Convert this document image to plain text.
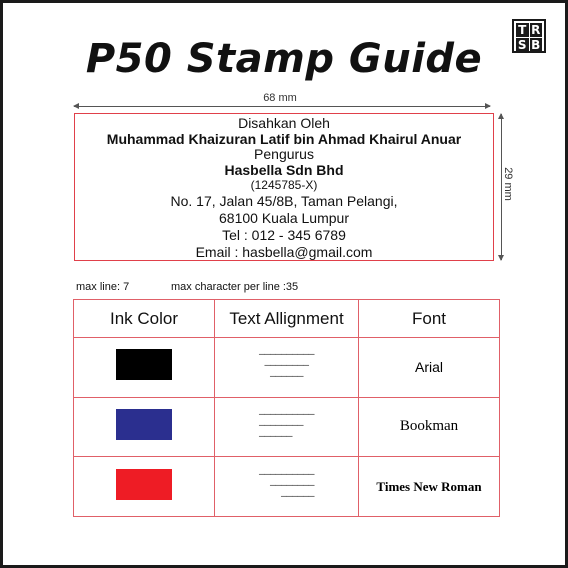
T R
S B
P50 Stamp Guide
68 mm
29 mm
Disahkan Oleh
Muhammad Khaizuran Latif bin Ahmad Khairul Anuar
Pengurus
Hasbella Sdn Bhd
(1245785-X)
No. 17, Jalan 45/8B, Taman Pelangi,
68100 Kuala Lumpur
Tel : 012 - 345 6789
Email : hasbella@gmail.com
max line: 7	max character per line :35
Ink Color	Text Allignment	Font
	——————————
————————
——————	Arial
	——————————
————————
——————	Bookman
	——————————
————————
——————	Times New Roman
